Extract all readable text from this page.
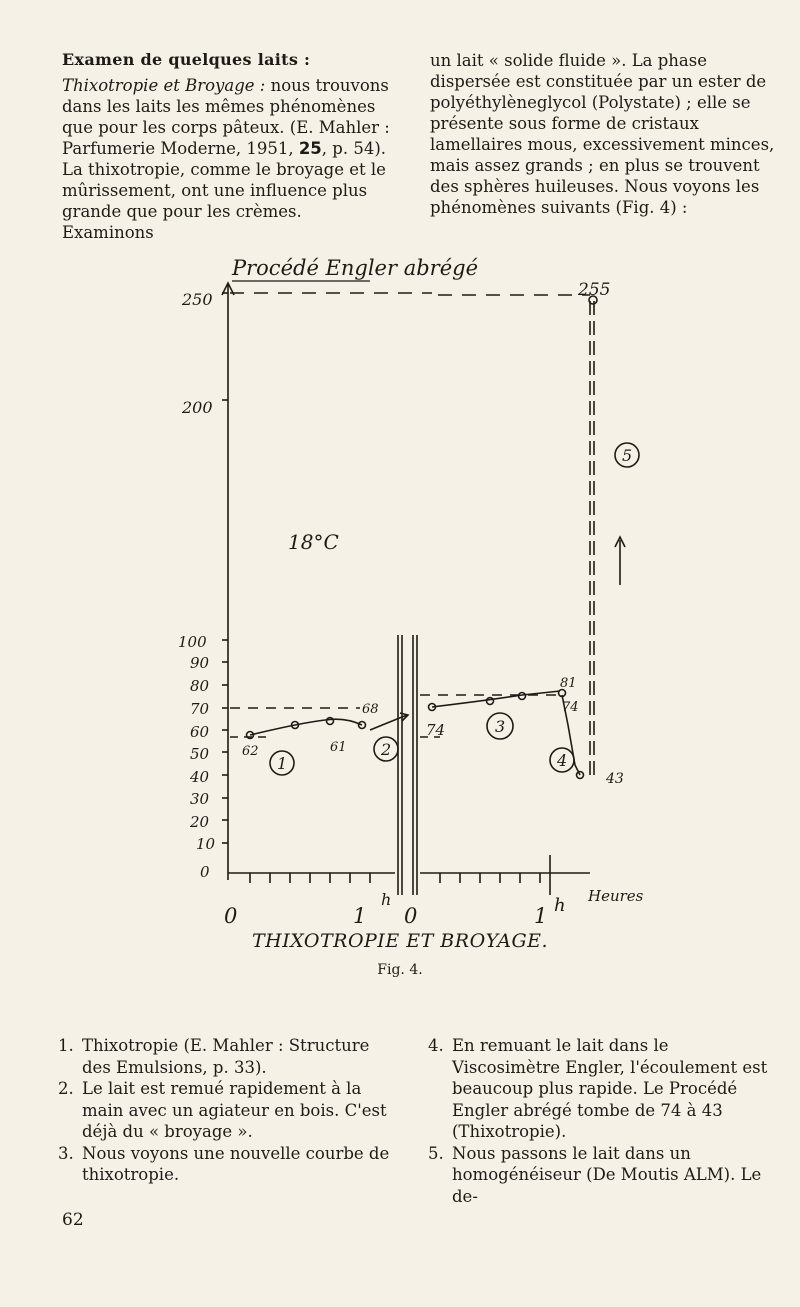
Examen de quelques laits :

Thixotropie et Broyage : nous trouvons dans les laits les mêmes phénomènes que pour les corps pâteux. (E. Mahler : Parfumerie Moderne, 1951, 25, p. 54). La thixotropie, comme le broyage et le mûrissement, ont une influence plus grande que pour les crèmes. Examinons

un lait « solide fluide ». La phase dispersée est constituée par un ester de polyéthylèneglycol (Polystate) ; elle se présente sous forme de cristaux lamellaires mous, excessivement minces, mais assez grands ; en plus se trouvent des sphères huileuses. Nous voyons les phénomènes suivants (Fig. 4) :

Procédé Engler abrégé
18°C
250
200
100
90
80
70
60
50
40
30
20
10
0
0	1 0	1
h	h Heures
62
68
61
74
74
81
43
255
1
2
3
4
5
THIXOTROPIE ET BROYAGE.
Fig. 4.
1. Thixotropie (E. Mahler : Structure des Emulsions, p. 33).
2. Le lait est remué rapidement à la main avec un agiateur en bois. C'est déjà du « broyage ».
3. Nous voyons une nouvelle courbe de thixotropie.
4. En remuant le lait dans le Viscosimètre Engler, l'écoulement est beaucoup plus rapide. Le Procédé Engler abrégé tombe de 74 à 43 (Thixotropie).
5. Nous passons le lait dans un homogénéiseur (De Moutis ALM). Le de-
62
